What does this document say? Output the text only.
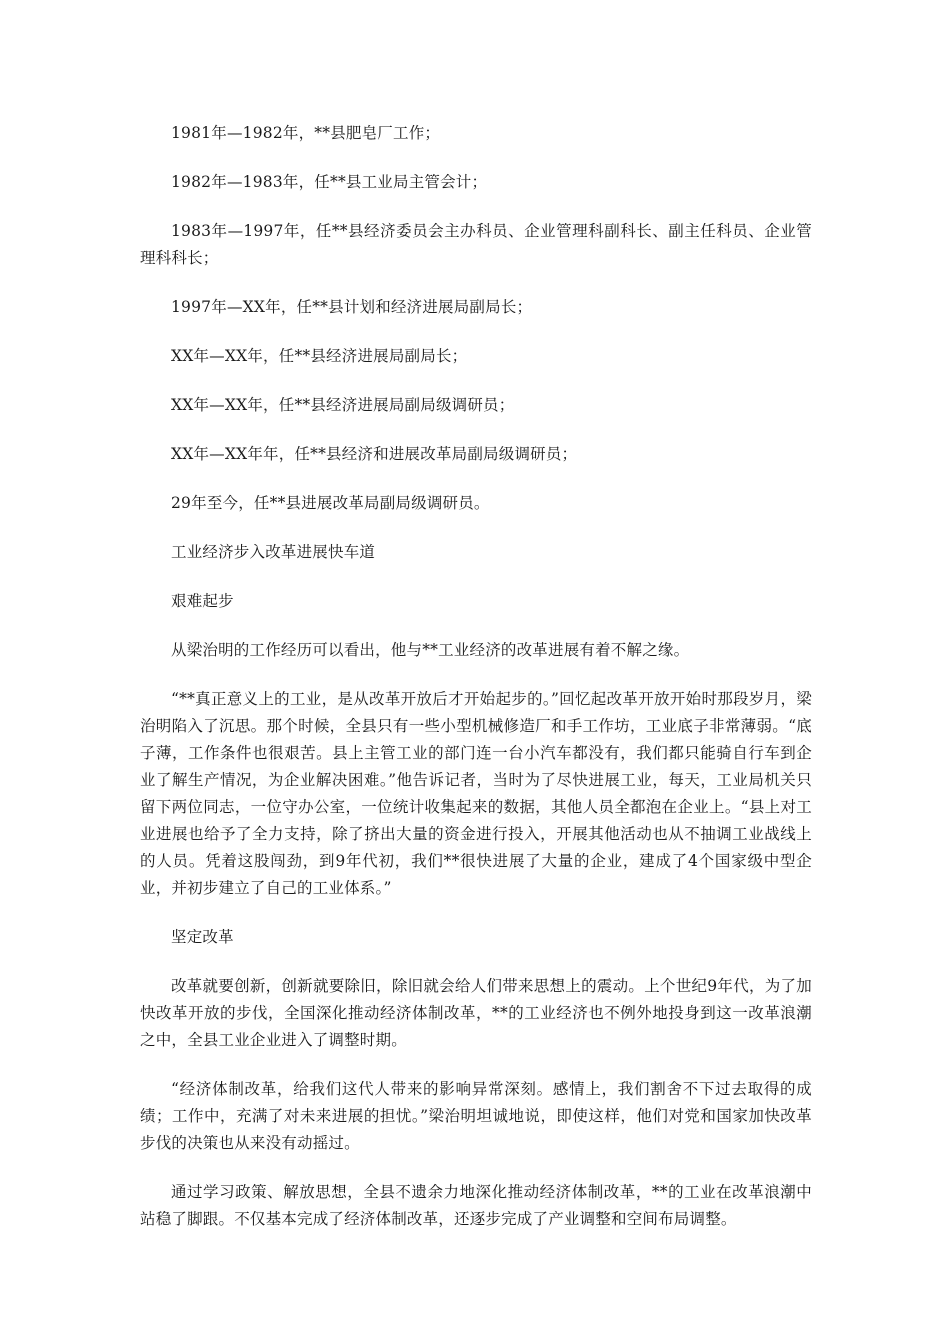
1981年—1982年，**县肥皂厂工作；

1982年—1983年，任**县工业局主管会计；

1983年—1997年，任**县经济委员会主办科员、企业管理科副科长、副主任科员、企业管理科科长；

1997年—XX年，任**县计划和经济进展局副局长；

XX年—XX年，任**县经济进展局副局长；

XX年—XX年，任**县经济进展局副局级调研员；

XX年—XX年年，任**县经济和进展改革局副局级调研员；

29年至今，任**县进展改革局副局级调研员。

工业经济步入改革进展快车道

艰难起步

从梁治明的工作经历可以看出，他与**工业经济的改革进展有着不解之缘。

“**真正意义上的工业，是从改革开放后才开始起步的。”回忆起改革开放开始时那段岁月，梁治明陷入了沉思。那个时候，全县只有一些小型机械修造厂和手工作坊，工业底子非常薄弱。“底子薄，工作条件也很艰苦。县上主管工业的部门连一台小汽车都没有，我们都只能骑自行车到企业了解生产情况，为企业解决困难。”他告诉记者，当时为了尽快进展工业，每天，工业局机关只留下两位同志，一位守办公室，一位统计收集起来的数据，其他人员全都泡在企业上。“县上对工业进展也给予了全力支持，除了挤出大量的资金进行投入，开展其他活动也从不抽调工业战线上的人员。凭着这股闯劲，到9年代初，我们**很快进展了大量的企业，建成了4个国家级中型企业，并初步建立了自己的工业体系。”

坚定改革

改革就要创新，创新就要除旧，除旧就会给人们带来思想上的震动。上个世纪9年代，为了加快改革开放的步伐，全国深化推动经济体制改革，**的工业经济也不例外地投身到这一改革浪潮之中，全县工业企业进入了调整时期。

“经济体制改革，给我们这代人带来的影响异常深刻。感情上，我们割舍不下过去取得的成绩；工作中，充满了对未来进展的担忧。”梁治明坦诚地说，即使这样，他们对党和国家加快改革步伐的决策也从来没有动摇过。

通过学习政策、解放思想，全县不遗余力地深化推动经济体制改革，**的工业在改革浪潮中站稳了脚跟。不仅基本完成了经济体制改革，还逐步完成了产业调整和空间布局调整。
